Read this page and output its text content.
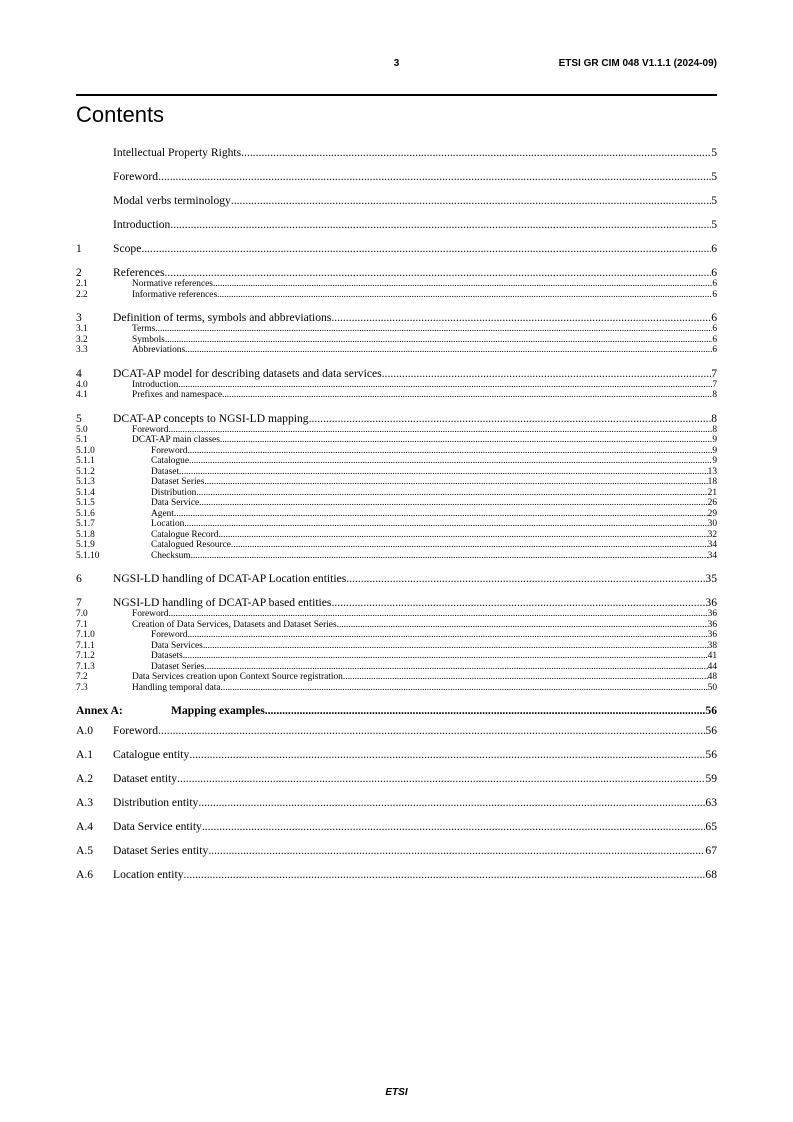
3	ETSI GR CIM 048 V1.1.1 (2024-09)
Contents
Intellectual Property Rights .....	5
Foreword .....	5
Modal verbs terminology .....	5
Introduction .....	5
1	Scope .....	6
2	References .....	6
2.1	Normative references .....	6
2.2	Informative references .....	6
3	Definition of terms, symbols and abbreviations .....	6
3.1	Terms .....	6
3.2	Symbols .....	6
3.3	Abbreviations .....	6
4	DCAT-AP model for describing datasets and data services .....	7
4.0	Introduction .....	7
4.1	Prefixes and namespace .....	8
5	DCAT-AP concepts to NGSI-LD mapping .....	8
5.0	Foreword .....	8
5.1	DCAT-AP main classes .....	9
5.1.0	Foreword .....	9
5.1.1	Catalogue .....	9
5.1.2	Dataset .....	13
5.1.3	Dataset Series .....	18
5.1.4	Distribution .....	21
5.1.5	Data Service .....	26
5.1.6	Agent .....	29
5.1.7	Location .....	30
5.1.8	Catalogue Record .....	32
5.1.9	Catalogued Resource .....	34
5.1.10	Checksum .....	34
6	NGSI-LD handling of DCAT-AP Location entities .....	35
7	NGSI-LD handling of DCAT-AP based entities .....	36
7.0	Foreword .....	36
7.1	Creation of Data Services, Datasets and Dataset Series .....	36
7.1.0	Foreword .....	36
7.1.1	Data Services .....	38
7.1.2	Datasets .....	41
7.1.3	Dataset Series .....	44
7.2	Data Services creation upon Context Source registration .....	48
7.3	Handling temporal data .....	50
Annex A:	Mapping examples .....	56
A.0	Foreword .....	56
A.1	Catalogue entity .....	56
A.2	Dataset entity .....	59
A.3	Distribution entity .....	63
A.4	Data Service entity .....	65
A.5	Dataset Series entity .....	67
A.6	Location entity .....	68
ETSI
